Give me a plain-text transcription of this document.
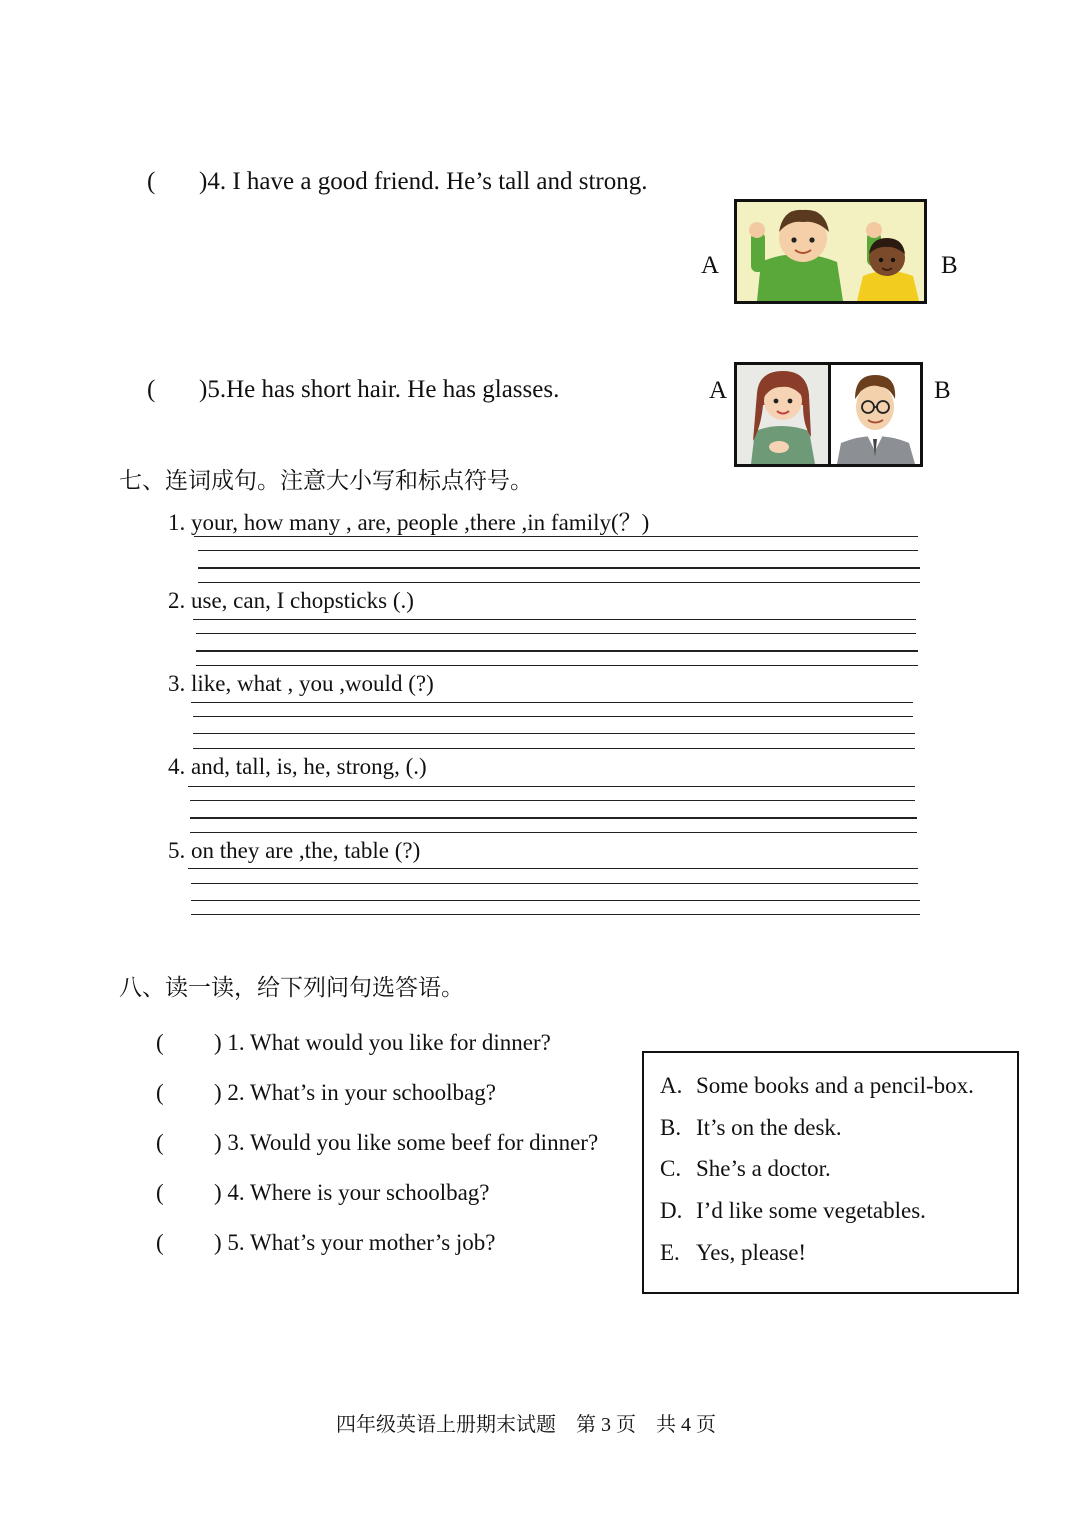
( )4. I have a good friend. He’s tall and strong.
A	B
( )5.He has short hair. He has glasses.	A	B
七、连词成句。注意大小写和标点符号。
1. your, how many , are, people ,there ,in family(？)
2. use, can, I chopsticks (.)
3. like, what , you ,would (?)
4. and, tall, is, he, strong, (.)
5. on they are ,the, table (?)
八、读一读，给下列问句选答语。
( ) 1. What would you like for dinner?
( ) 2. What’s in your schoolbag?
( ) 3. Would you like some beef for dinner?
( ) 4. Where is your schoolbag?
( ) 5. What’s your mother’s job?
A. Some books and a pencil-box.
B. It’s on the desk.
C. She’s a doctor.
D. I’d like some vegetables.
E. Yes, please!
四年级英语上册期末试题    第 3 页    共 4 页
